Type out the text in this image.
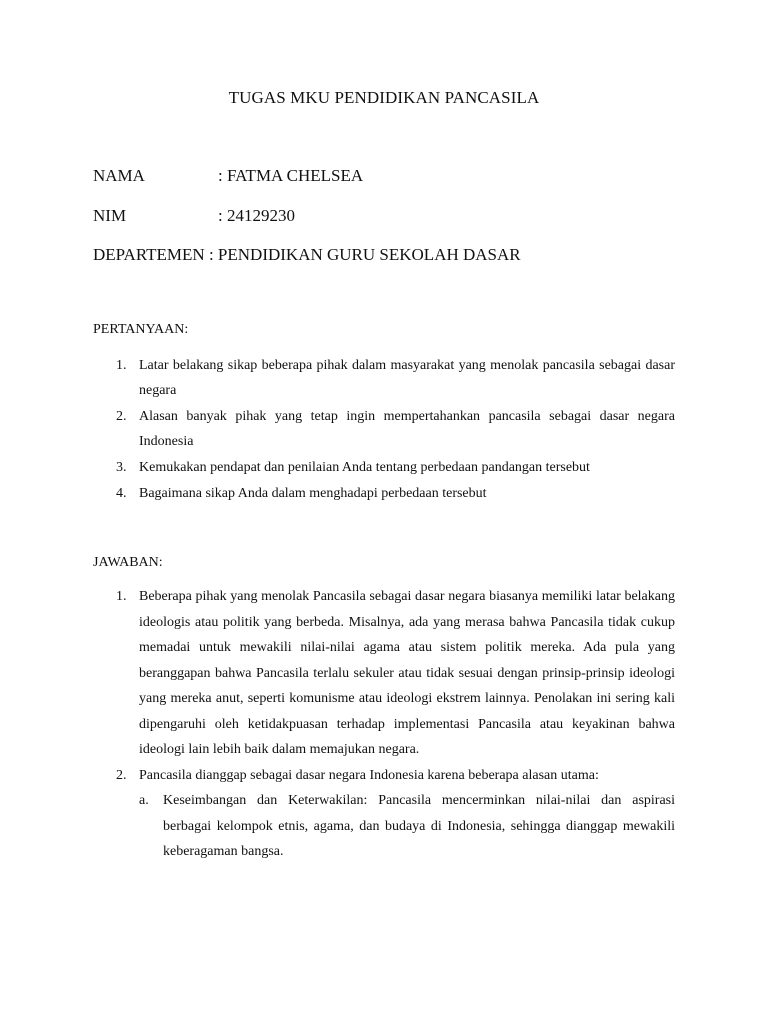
TUGAS MKU PENDIDIKAN PANCASILA
NAMA	: FATMA CHELSEA
NIM	: 24129230
DEPARTEMEN : PENDIDIKAN GURU SEKOLAH DASAR
PERTANYAAN:
1. Latar belakang sikap beberapa pihak dalam masyarakat yang menolak pancasila sebagai dasar negara
2. Alasan banyak pihak yang tetap ingin mempertahankan pancasila sebagai dasar negara Indonesia
3. Kemukakan pendapat dan penilaian Anda tentang perbedaan pandangan tersebut
4. Bagaimana sikap Anda dalam menghadapi perbedaan tersebut
JAWABAN:
1. Beberapa pihak yang menolak Pancasila sebagai dasar negara biasanya memiliki latar belakang ideologis atau politik yang berbeda. Misalnya, ada yang merasa bahwa Pancasila tidak cukup memadai untuk mewakili nilai-nilai agama atau sistem politik mereka. Ada pula yang beranggapan bahwa Pancasila terlalu sekuler atau tidak sesuai dengan prinsip-prinsip ideologi yang mereka anut, seperti komunisme atau ideologi ekstrem lainnya. Penolakan ini sering kali dipengaruhi oleh ketidakpuasan terhadap implementasi Pancasila atau keyakinan bahwa ideologi lain lebih baik dalam memajukan negara.
2. Pancasila dianggap sebagai dasar negara Indonesia karena beberapa alasan utama:
a. Keseimbangan dan Keterwakilan: Pancasila mencerminkan nilai-nilai dan aspirasi berbagai kelompok etnis, agama, dan budaya di Indonesia, sehingga dianggap mewakili keberagaman bangsa.
